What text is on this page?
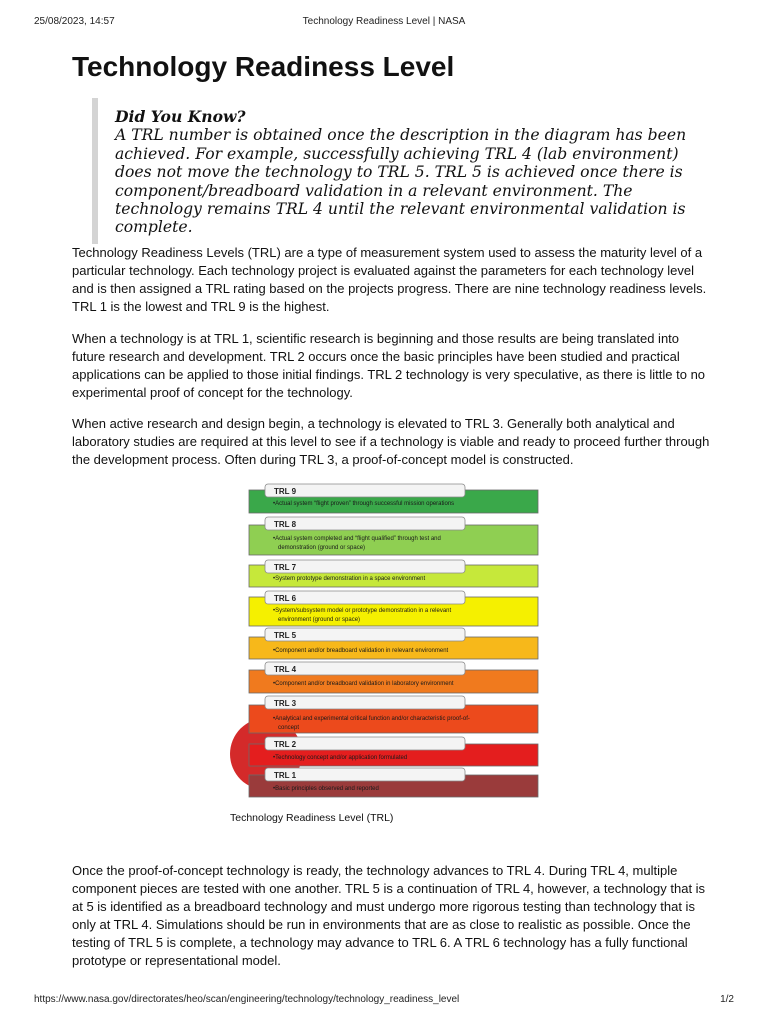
25/08/2023, 14:57	Technology Readiness Level | NASA
Technology Readiness Level
Did You Know?
A TRL number is obtained once the description in the diagram has been achieved. For example, successfully achieving TRL 4 (lab environment) does not move the technology to TRL 5. TRL 5 is achieved once there is component/breadboard validation in a relevant environment. The technology remains TRL 4 until the relevant environmental validation is complete.

Technology Readiness Levels (TRL) are a type of measurement system used to assess the maturity level of a particular technology. Each technology project is evaluated against the parameters for each technology level and is then assigned a TRL rating based on the projects progress. There are nine technology readiness levels. TRL 1 is the lowest and TRL 9 is the highest.

When a technology is at TRL 1, scientific research is beginning and those results are being translated into future research and development. TRL 2 occurs once the basic principles have been studied and practical applications can be applied to those initial findings. TRL 2 technology is very speculative, as there is little to no experimental proof of concept for the technology.

When active research and design begin, a technology is elevated to TRL 3. Generally both analytical and laboratory studies are required at this level to see if a technology is viable and ready to proceed further through the development process. Often during TRL 3, a proof-of-concept model is constructed.

TRL 9
•Actual system “flight proven” through successful mission operations
TRL 8
•Actual system completed and “flight qualified” through test and
demonstration (ground or space)
TRL 7
•System prototype demonstration in a space environment
TRL 6
•System/subsystem model or prototype demonstration in a relevant
environment (ground or space)
TRL 5
•Component and/or breadboard validation in relevant environment
TRL 4
•Component and/or breadboard validation in laboratory environment
TRL 3
•Analytical and experimental critical function and/or characteristic proof-of-
concept
TRL 2
•Technology concept and/or application formulated
TRL 1
•Basic principles observed and reported
Technology Readiness Level (TRL)

Once the proof-of-concept technology is ready, the technology advances to TRL 4. During TRL 4, multiple component pieces are tested with one another. TRL 5 is a continuation of TRL 4, however, a technology that is at 5 is identified as a breadboard technology and must undergo more rigorous testing than technology that is only at TRL 4. Simulations should be run in environments that are as close to realistic as possible. Once the testing of TRL 5 is complete, a technology may advance to TRL 6. A TRL 6 technology has a fully functional prototype or representational model.

https://www.nasa.gov/directorates/heo/scan/engineering/technology/technology_readiness_level	1/2
